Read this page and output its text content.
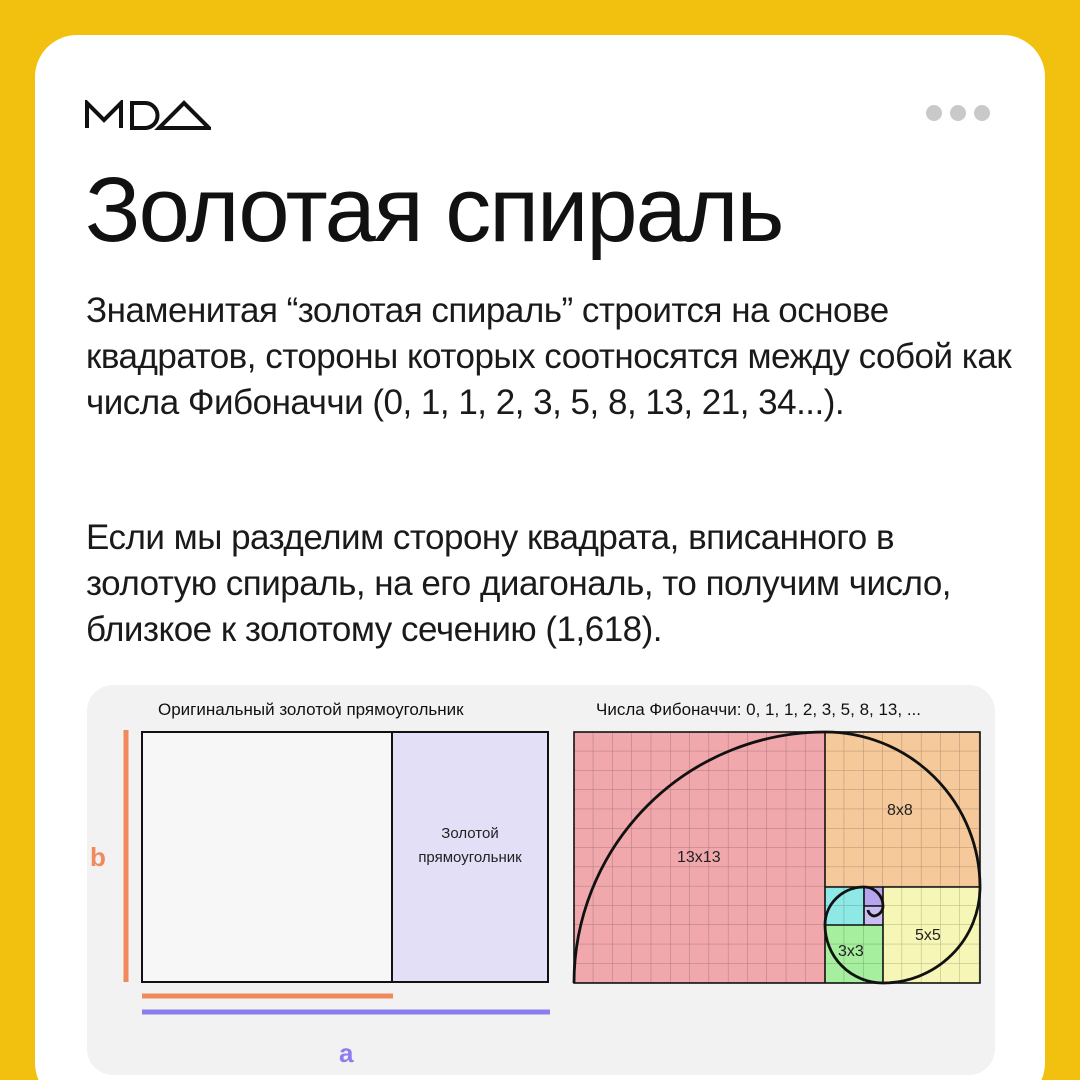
Золотая спираль

Знаменитая “золотая спираль” строится на основе квадратов, стороны которых соотносятся между собой как числа Фибоначчи (0, 1, 1, 2, 3, 5, 8, 13, 21, 34...).

Если мы разделим сторону квадрата, вписанного в золотую спираль, на его диагональ, то получим число, близкое к золотому сечению (1,618).

Оригинальный золотой прямоугольник	Числа Фибоначчи: 0, 1, 1, 2, 3, 5, 8, 13, ...
Золотой прямоугольник
b
a
13x13
8x8
5x5
3x3
